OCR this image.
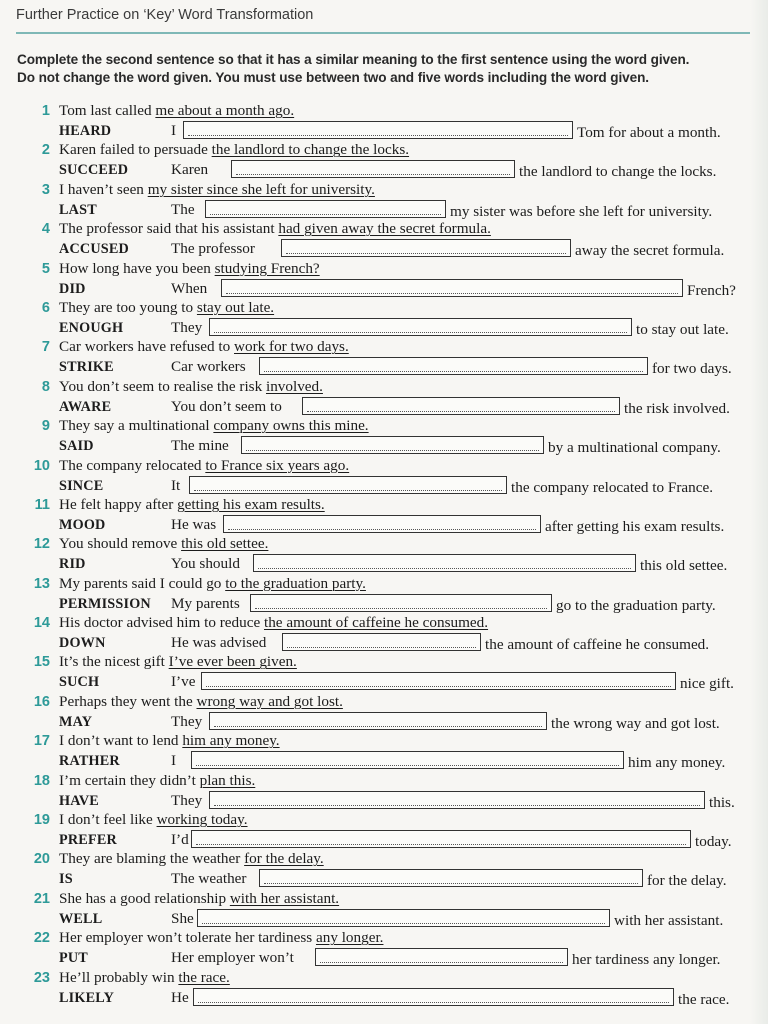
Further Practice on ‘Key’ Word Transformation
Complete the second sentence so that it has a similar meaning to the first sentence using the word given.
Do not change the word given. You must use between two and five words including the word given.
1 Tom last called me about a month ago.
HEARD	I	Tom for about a month.
2 Karen failed to persuade the landlord to change the locks.
SUCCEED	Karen	the landlord to change the locks.
3 I haven’t seen my sister since she left for university.
LAST	The	my sister was before she left for university.
4 The professor said that his assistant had given away the secret formula.
ACCUSED	The professor	away the secret formula.
5 How long have you been studying French?
DID	When	French?
6 They are too young to stay out late.
ENOUGH	They	to stay out late.
7 Car workers have refused to work for two days.
STRIKE	Car workers	for two days.
8 You don’t seem to realise the risk involved.
AWARE	You don’t seem to	the risk involved.
9 They say a multinational company owns this mine.
SAID	The mine	by a multinational company.
10 The company relocated to France six years ago.
SINCE	It	the company relocated to France.
11 He felt happy after getting his exam results.
MOOD	He was	after getting his exam results.
12 You should remove this old settee.
RID	You should	this old settee.
13 My parents said I could go to the graduation party.
PERMISSION My parents	go to the graduation party.
14 His doctor advised him to reduce the amount of caffeine he consumed.
DOWN	He was advised	the amount of caffeine he consumed.
15 It’s the nicest gift I’ve ever been given.
SUCH	I’ve	nice gift.
16 Perhaps they went the wrong way and got lost.
MAY	They	the wrong way and got lost.
17 I don’t want to lend him any money.
RATHER	I	him any money.
18 I’m certain they didn’t plan this.
HAVE	They	this.
19 I don’t feel like working today.
PREFER	I’d	today.
20 They are blaming the weather for the delay.
IS	The weather	for the delay.
21 She has a good relationship with her assistant.
WELL	She	with her assistant.
22 Her employer won’t tolerate her tardiness any longer.
PUT	Her employer won’t	her tardiness any longer.
23 He’ll probably win the race.
LIKELY	He	the race.
